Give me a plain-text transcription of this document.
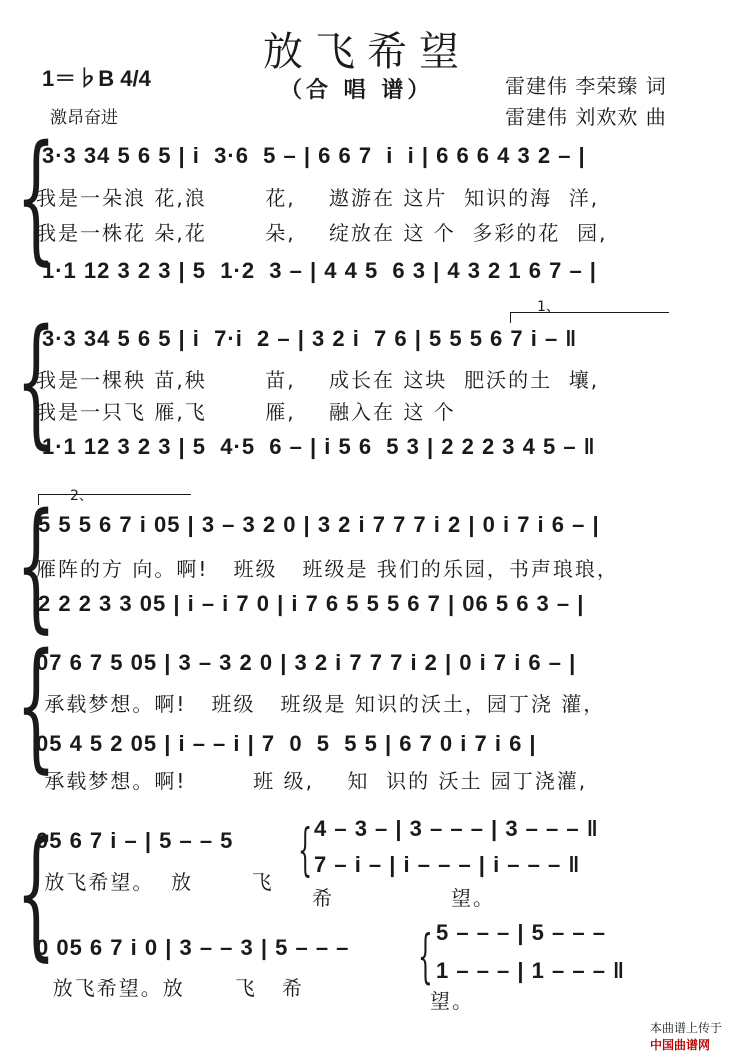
放飞希望
1＝♭B 4/4	（合 唱 谱）
激昂奋进
雷建伟 李荣臻 词
雷建伟 刘欢欢 曲
{
3·3 34 5 6 5 | i  3·6  5 – | 6 6 7  i  i | 6 6 6 4 3 2 – |
我是一朵浪 花,浪       花,    遨游在 这片  知识的海  洋,
我是一株花 朵,花       朵,    绽放在 这 个  多彩的花  园,
1·1 12 3 2 3 | 5  1·2  3 – | 4 4 5  6 3 | 4 3 2 1 6 7 – |
1、
{
3·3 34 5 6 5 | i  7·i  2 – | 3 2 i  7 6 | 5 5 5 6 7 i – ‖
我是一棵秧 苗,秧       苗,    成长在 这块  肥沃的土  壤,
我是一只飞 雁,飞       雁,    融入在 这 个
1·1 12 3 2 3 | 5  4·5  6 – | i 5 6  5 3 | 2 2 2 3 4 5 – ‖
2、
{
5 5 5 6 7 i 05 | 3 – 3 2 0 | 3 2 i 7 7 7 i 2 | 0 i 7 i 6 – |
雁阵的方 向。啊!   班级   班级是 我们的乐园，书声琅琅，
2 2 2 3 3 05 | i – i 7 0 | i 7 6 5 5 5 6 7 | 06 5 6 3 – |
{
07 6 7 5 05 | 3 – 3 2 0 | 3 2 i 7 7 7 i 2 | 0 i 7 i 6 – |
承载梦想。啊!   班级   班级是 知识的沃土，园丁浇 灌，
05 4 5 2 05 | i – – i | 7  0  5  5 5 | 6 7 0 i 7 i 6 |
承载梦想。啊!        班 级,    知  识的 沃土 园丁浇灌,
{
05 6 7 i – | 5 – – 5 { 4 – 3 – | 3 – – – | 3 – – – ‖
7 – i – | i – – – | i – – – ‖
放飞希望。  放       飞
希              望。
0 05 6 7 i 0 | 3 – – 3 | 5 – – – { 5 – – – | 5 – – –
1 – – – | 1 – – – ‖
放飞希望。放      飞   希
望。

本曲谱上传于
中国曲谱网
